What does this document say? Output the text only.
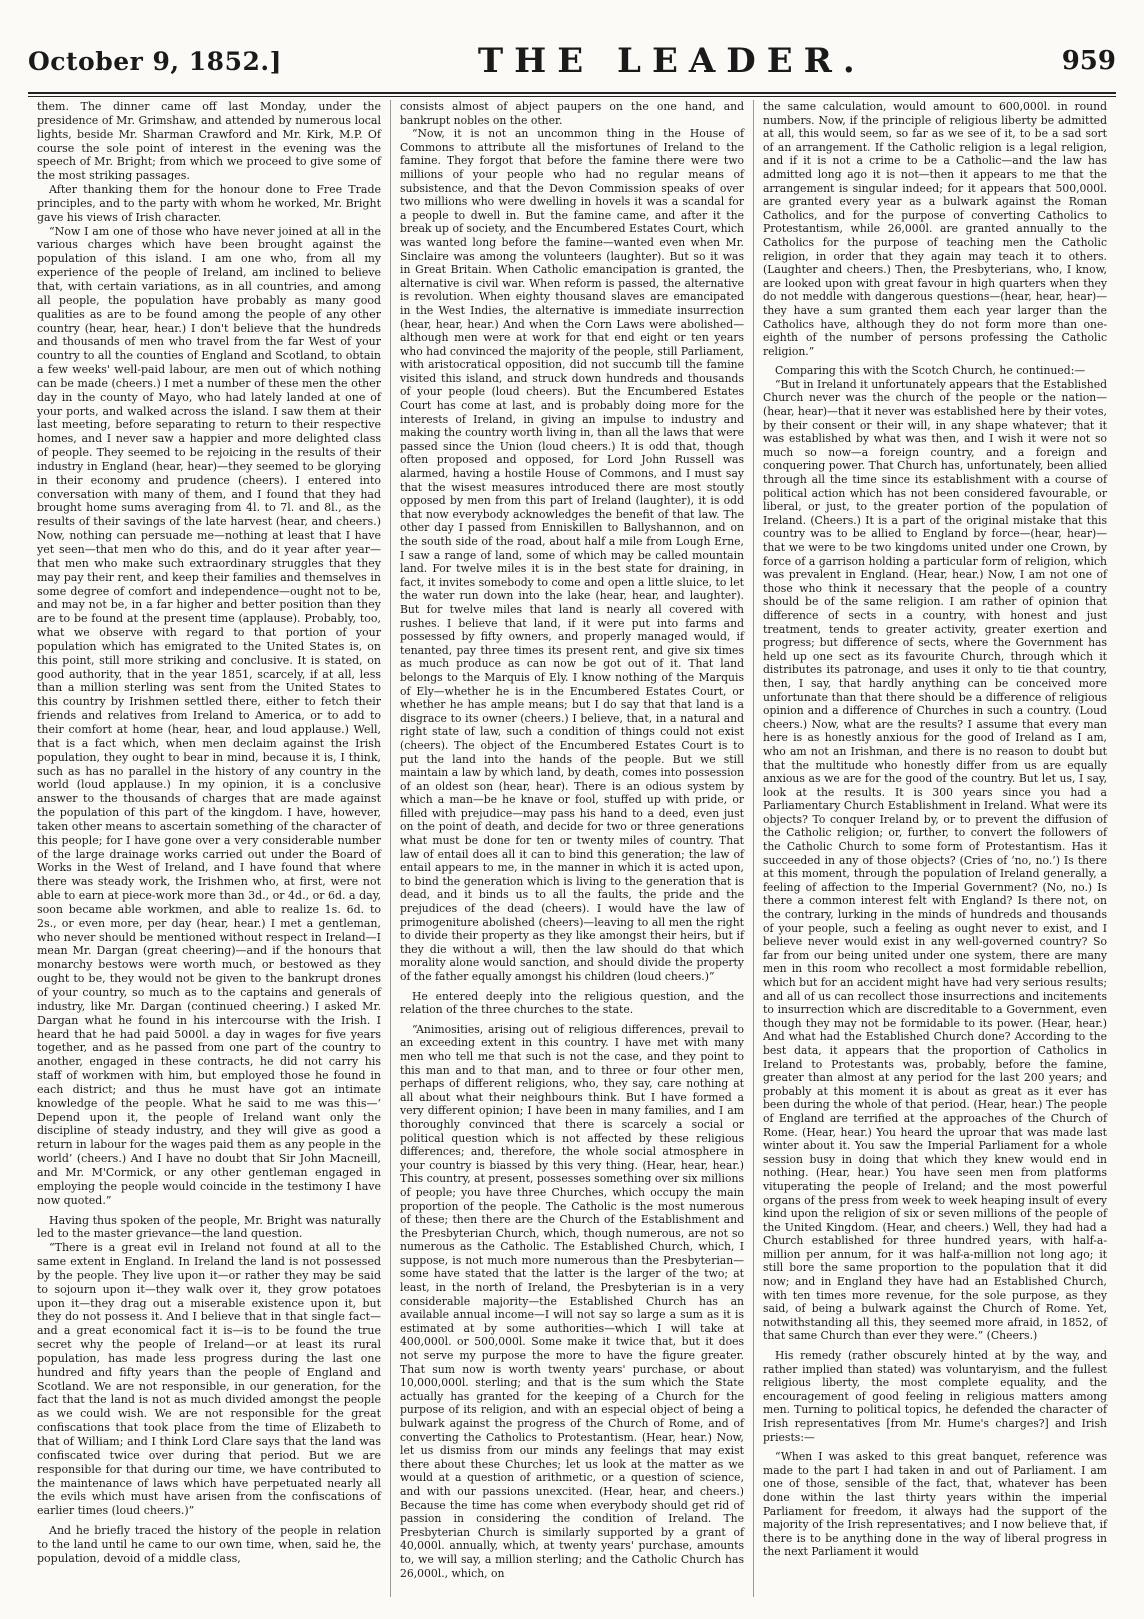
October 9, 1852.]	THE LEADER.	959

them. The dinner came off last Monday, under the presidence of Mr. Grimshaw, and attended by numerous local lights, beside Mr. Sharman Crawford and Mr. Kirk, M.P. Of course the sole point of interest in the evening was the speech of Mr. Bright; from which we proceed to give some of the most striking passages.

After thanking them for the honour done to Free Trade principles, and to the party with whom he worked, Mr. Bright gave his views of Irish character.

“Now I am one of those who have never joined at all in the various charges which have been brought against the population of this island. I am one who, from all my experience of the people of Ireland, am inclined to believe that, with certain variations, as in all countries, and among all people, the population have probably as many good qualities as are to be found among the people of any other country (hear, hear, hear.) I don't believe that the hundreds and thousands of men who travel from the far West of your country to all the counties of England and Scotland, to obtain a few weeks' well-paid labour, are men out of which nothing can be made (cheers.) I met a number of these men the other day in the county of Mayo, who had lately landed at one of your ports, and walked across the island. I saw them at their last meeting, before separating to return to their respective homes, and I never saw a happier and more delighted class of people. They seemed to be rejoicing in the results of their industry in England (hear, hear)—they seemed to be glorying in their economy and prudence (cheers). I entered into conversation with many of them, and I found that they had brought home sums averaging from 4l. to 7l. and 8l., as the results of their savings of the late harvest (hear, and cheers.) Now, nothing can persuade me—nothing at least that I have yet seen—that men who do this, and do it year after year—that men who make such extraordinary struggles that they may pay their rent, and keep their families and themselves in some degree of comfort and independence—ought not to be, and may not be, in a far higher and better position than they are to be found at the present time (applause). Probably, too, what we observe with regard to that portion of your population which has emigrated to the United States is, on this point, still more striking and conclusive. It is stated, on good authority, that in the year 1851, scarcely, if at all, less than a million sterling was sent from the United States to this country by Irishmen settled there, either to fetch their friends and relatives from Ireland to America, or to add to their comfort at home (hear, hear, and loud applause.) Well, that is a fact which, when men declaim against the Irish population, they ought to bear in mind, because it is, I think, such as has no parallel in the history of any country in the world (loud applause.) In my opinion, it is a conclusive answer to the thousands of charges that are made against the population of this part of the kingdom. I have, however, taken other means to ascertain something of the character of this people; for I have gone over a very considerable number of the large drainage works carried out under the Board of Works in the West of Ireland, and I have found that where there was steady work, the Irishmen who, at first, were not able to earn at piece-work more than 3d., or 4d., or 6d. a day, soon became able workmen, and able to realize 1s. 6d. to 2s., or even more, per day (hear, hear.) I met a gentleman, who never should be mentioned without respect in Ireland—I mean Mr. Dargan (great cheering)—and if the honours that monarchy bestows were worth much, or bestowed as they ought to be, they would not be given to the bankrupt drones of your country, so much as to the captains and generals of industry, like Mr. Dargan (continued cheering.) I asked Mr. Dargan what he found in his intercourse with the Irish. I heard that he had paid 5000l. a day in wages for five years together, and as he passed from one part of the country to another, engaged in these contracts, he did not carry his staff of workmen with him, but employed those he found in each district; and thus he must have got an intimate knowledge of the people. What he said to me was this—‘ Depend upon it, the people of Ireland want only the discipline of steady industry, and they will give as good a return in labour for the wages paid them as any people in the world’ (cheers.) And I have no doubt that Sir John Macneill, and Mr. M'Cormick, or any other gentleman engaged in employing the people would coincide in the testimony I have now quoted.”

Having thus spoken of the people, Mr. Bright was naturally led to the master grievance—the land question.

“There is a great evil in Ireland not found at all to the same extent in England. In Ireland the land is not possessed by the people. They live upon it—or rather they may be said to sojourn upon it—they walk over it, they grow potatoes upon it—they drag out a miserable existence upon it, but they do not possess it. And I believe that in that single fact—and a great economical fact it is—is to be found the true secret why the people of Ireland—or at least its rural population, has made less progress during the last one hundred and fifty years than the people of England and Scotland. We are not responsible, in our generation, for the fact that the land is not as much divided amongst the people as we could wish. We are not responsible for the great confiscations that took place from the time of Elizabeth to that of William; and I think Lord Clare says that the land was confiscated twice over during that period. But we are responsible for that during our time, we have contributed to the maintenance of laws which have perpetuated nearly all the evils which must have arisen from the confiscations of earlier times (loud cheers.)”

And he briefly traced the history of the people in relation to the land until he came to our own time, when, said he, the population, devoid of a middle class,

consists almost of abject paupers on the one hand, and bankrupt nobles on the other.

“Now, it is not an uncommon thing in the House of Commons to attribute all the misfortunes of Ireland to the famine. They forgot that before the famine there were two millions of your people who had no regular means of subsistence, and that the Devon Commission speaks of over two millions who were dwelling in hovels it was a scandal for a people to dwell in. But the famine came, and after it the break up of society, and the Encumbered Estates Court, which was wanted long before the famine—wanted even when Mr. Sinclaire was among the volunteers (laughter). But so it was in Great Britain. When Catholic emancipation is granted, the alternative is civil war. When reform is passed, the alternative is revolution. When eighty thousand slaves are emancipated in the West Indies, the alternative is immediate insurrection (hear, hear, hear.) And when the Corn Laws were abolished—although men were at work for that end eight or ten years who had convinced the majority of the people, still Parliament, with aristocratical opposition, did not succumb till the famine visited this island, and struck down hundreds and thousands of your people (loud cheers). But the Encumbered Estates Court has come at last, and is probably doing more for the interests of Ireland, in giving an impulse to industry and making the country worth living in, than all the laws that were passed since the Union (loud cheers.) It is odd that, though often proposed and opposed, for Lord John Russell was alarmed, having a hostile House of Commons, and I must say that the wisest measures introduced there are most stoutly opposed by men from this part of Ireland (laughter), it is odd that now everybody acknowledges the benefit of that law. The other day I passed from Enniskillen to Ballyshannon, and on the south side of the road, about half a mile from Lough Erne, I saw a range of land, some of which may be called mountain land. For twelve miles it is in the best state for draining, in fact, it invites somebody to come and open a little sluice, to let the water run down into the lake (hear, hear, and laughter). But for twelve miles that land is nearly all covered with rushes. I believe that land, if it were put into farms and possessed by fifty owners, and properly managed would, if tenanted, pay three times its present rent, and give six times as much produce as can now be got out of it. That land belongs to the Marquis of Ely. I know nothing of the Marquis of Ely—whether he is in the Encumbered Estates Court, or whether he has ample means; but I do say that that land is a disgrace to its owner (cheers.) I believe, that, in a natural and right state of law, such a condition of things could not exist (cheers). The object of the Encumbered Estates Court is to put the land into the hands of the people. But we still maintain a law by which land, by death, comes into possession of an oldest son (hear, hear). There is an odious system by which a man—be he knave or fool, stuffed up with pride, or filled with prejudice—may pass his hand to a deed, even just on the point of death, and decide for two or three generations what must be done for ten or twenty miles of country. That law of entail does all it can to bind this generation; the law of entail appears to me, in the manner in which it is acted upon, to bind the generation which is living to the generation that is dead, and it binds us to all the faults, the pride and the prejudices of the dead (cheers). I would have the law of primogeniture abolished (cheers)—leaving to all men the right to divide their property as they like amongst their heirs, but if they die without a will, then the law should do that which morality alone would sanction, and should divide the property of the father equally amongst his children (loud cheers.)”

He entered deeply into the religious question, and the relation of the three churches to the state.

“Animosities, arising out of religious differences, prevail to an exceeding extent in this country. I have met with many men who tell me that such is not the case, and they point to this man and to that man, and to three or four other men, perhaps of different religions, who, they say, care nothing at all about what their neighbours think. But I have formed a very different opinion; I have been in many families, and I am thoroughly convinced that there is scarcely a social or political question which is not affected by these religious differences; and, therefore, the whole social atmosphere in your country is biassed by this very thing. (Hear, hear, hear.) This country, at present, possesses something over six millions of people; you have three Churches, which occupy the main proportion of the people. The Catholic is the most numerous of these; then there are the Church of the Establishment and the Presbyterian Church, which, though numerous, are not so numerous as the Catholic. The Established Church, which, I suppose, is not much more numerous than the Presbyterian—some have stated that the latter is the larger of the two; at least, in the north of Ireland, the Presbyterian is in a very considerable majority—the Established Church has an available annual income—I will not say so large a sum as it is estimated at by some authorities—which I will take at 400,000l. or 500,000l. Some make it twice that, but it does not serve my purpose the more to have the figure greater. That sum now is worth twenty years' purchase, or about 10,000,000l. sterling; and that is the sum which the State actually has granted for the keeping of a Church for the purpose of its religion, and with an especial object of being a bulwark against the progress of the Church of Rome, and of converting the Catholics to Protestantism. (Hear, hear.) Now, let us dismiss from our minds any feelings that may exist there about these Churches; let us look at the matter as we would at a question of arithmetic, or a question of science, and with our passions unexcited. (Hear, hear, and cheers.) Because the time has come when everybody should get rid of passion in considering the condition of Ireland. The Presbyterian Church is similarly supported by a grant of 40,000l. annually, which, at twenty years' purchase, amounts to, we will say, a million sterling; and the Catholic Church has 26,000l., which, on

the same calculation, would amount to 600,000l. in round numbers. Now, if the principle of religious liberty be admitted at all, this would seem, so far as we see of it, to be a sad sort of an arrangement. If the Catholic religion is a legal religion, and if it is not a crime to be a Catholic—and the law has admitted long ago it is not—then it appears to me that the arrangement is singular indeed; for it appears that 500,000l. are granted every year as a bulwark against the Roman Catholics, and for the purpose of converting Catholics to Protestantism, while 26,000l. are granted annually to the Catholics for the purpose of teaching men the Catholic religion, in order that they again may teach it to others. (Laughter and cheers.) Then, the Presbyterians, who, I know, are looked upon with great favour in high quarters when they do not meddle with dangerous questions—(hear, hear, hear)—they have a sum granted them each year larger than the Catholics have, although they do not form more than one-eighth of the number of persons professing the Catholic religion.”

Comparing this with the Scotch Church, he continued:—

“But in Ireland it unfortunately appears that the Established Church never was the church of the people or the nation—(hear, hear)—that it never was established here by their votes, by their consent or their will, in any shape whatever; that it was established by what was then, and I wish it were not so much so now—a foreign country, and a foreign and conquering power. That Church has, unfortunately, been allied through all the time since its establishment with a course of political action which has not been considered favourable, or liberal, or just, to the greater portion of the population of Ireland. (Cheers.) It is a part of the original mistake that this country was to be allied to England by force—(hear, hear)—that we were to be two kingdoms united under one Crown, by force of a garrison holding a particular form of religion, which was prevalent in England. (Hear, hear.) Now, I am not one of those who think it necessary that the people of a country should be of the same religion. I am rather of opinion that difference of sects in a country, with honest and just treatment, tends to greater activity, greater exertion and progress; but difference of sects, where the Government has held up one sect as its favourite Church, through which it distributes its patronage, and uses it only to tie that country, then, I say, that hardly anything can be conceived more unfortunate than that there should be a difference of religious opinion and a difference of Churches in such a country. (Loud cheers.) Now, what are the results? I assume that every man here is as honestly anxious for the good of Ireland as I am, who am not an Irishman, and there is no reason to doubt but that the multitude who honestly differ from us are equally anxious as we are for the good of the country. But let us, I say, look at the results. It is 300 years since you had a Parliamentary Church Establishment in Ireland. What were its objects? To conquer Ireland by, or to prevent the diffusion of the Catholic religion; or, further, to convert the followers of the Catholic Church to some form of Protestantism. Has it succeeded in any of those objects? (Cries of ‘no, no.’) Is there at this moment, through the population of Ireland generally, a feeling of affection to the Imperial Government? (No, no.) Is there a common interest felt with England? Is there not, on the contrary, lurking in the minds of hundreds and thousands of your people, such a feeling as ought never to exist, and I believe never would exist in any well-governed country? So far from our being united under one system, there are many men in this room who recollect a most formidable rebellion, which but for an accident might have had very serious results; and all of us can recollect those insurrections and incitements to insurrection which are discreditable to a Government, even though they may not be formidable to its power. (Hear, hear.) And what had the Established Church done? According to the best data, it appears that the proportion of Catholics in Ireland to Protestants was, probably, before the famine, greater than almost at any period for the last 200 years; and probably at this moment it is about as great as it ever has been during the whole of that period. (Hear, hear.) The people of England are terrified at the approaches of the Church of Rome. (Hear, hear.) You heard the uproar that was made last winter about it. You saw the Imperial Parliament for a whole session busy in doing that which they knew would end in nothing. (Hear, hear.) You have seen men from platforms vituperating the people of Ireland; and the most powerful organs of the press from week to week heaping insult of every kind upon the religion of six or seven millions of the people of the United Kingdom. (Hear, and cheers.) Well, they had had a Church established for three hundred years, with half-a-million per annum, for it was half-a-million not long ago; it still bore the same proportion to the population that it did now; and in England they have had an Established Church, with ten times more revenue, for the sole purpose, as they said, of being a bulwark against the Church of Rome. Yet, notwithstanding all this, they seemed more afraid, in 1852, of that same Church than ever they were.” (Cheers.)

His remedy (rather obscurely hinted at by the way, and rather implied than stated) was voluntaryism, and the fullest religious liberty, the most complete equality, and the encouragement of good feeling in religious matters among men. Turning to political topics, he defended the character of Irish representatives [from Mr. Hume's charges?] and Irish priests:—

“When I was asked to this great banquet, reference was made to the part I had taken in and out of Parliament. I am one of those, sensible of the fact, that, whatever has been done within the last thirty years within the imperial Parliament for freedom, it always had the support of the majority of the Irish representatives; and I now believe that, if there is to be anything done in the way of liberal progress in the next Parliament it would
